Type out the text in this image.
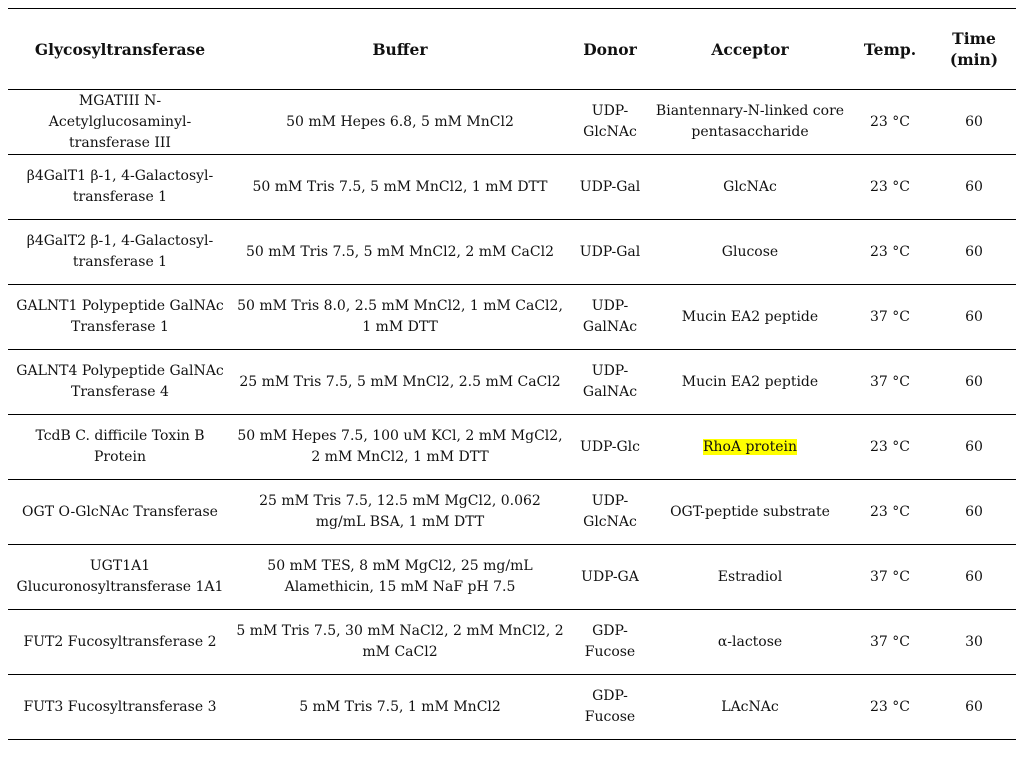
Glycosyltransferase	Buffer	Donor	Acceptor	Temp.	Time (min)
MGATIII N-Acetylglucosaminyl-transferase III	50 mM Hepes 6.8, 5 mM MnCl2	UDP-GlcNAc	Biantennary-N-linked core pentasaccharide	23 °C	60
β4GalT1 β-1, 4-Galactosyl-transferase 1	50 mM Tris 7.5, 5 mM MnCl2, 1 mM DTT	UDP-Gal	GlcNAc	23 °C	60
β4GalT2 β-1, 4-Galactosyl-transferase 1	50 mM Tris 7.5, 5 mM MnCl2, 2 mM CaCl2	UDP-Gal	Glucose	23 °C	60
GALNT1 Polypeptide GalNAc Transferase 1	50 mM Tris 8.0, 2.5 mM MnCl2, 1 mM CaCl2, 1 mM DTT	UDP-GalNAc	Mucin EA2 peptide	37 °C	60
GALNT4 Polypeptide GalNAc Transferase 4	25 mM Tris 7.5, 5 mM MnCl2, 2.5 mM CaCl2	UDP-GalNAc	Mucin EA2 peptide	37 °C	60
TcdB C. difficile Toxin B Protein	50 mM Hepes 7.5, 100 uM KCl, 2 mM MgCl2, 2 mM MnCl2, 1 mM DTT	UDP-Glc	RhoA protein	23 °C	60
OGT O-GlcNAc Transferase	25 mM Tris 7.5, 12.5 mM MgCl2, 0.062 mg/mL BSA, 1 mM DTT	UDP-GlcNAc	OGT-peptide substrate	23 °C	60
UGT1A1 Glucuronosyltransferase 1A1	50 mM TES, 8 mM MgCl2, 25 mg/mL Alamethicin, 15 mM NaF pH 7.5	UDP-GA	Estradiol	37 °C	60
FUT2 Fucosyltransferase 2	5 mM Tris 7.5, 30 mM NaCl2, 2 mM MnCl2, 2 mM CaCl2	GDP-Fucose	α-lactose	37 °C	30
FUT3 Fucosyltransferase 3	5 mM Tris 7.5, 1 mM MnCl2	GDP-Fucose	LAcNAc	23 °C	60
